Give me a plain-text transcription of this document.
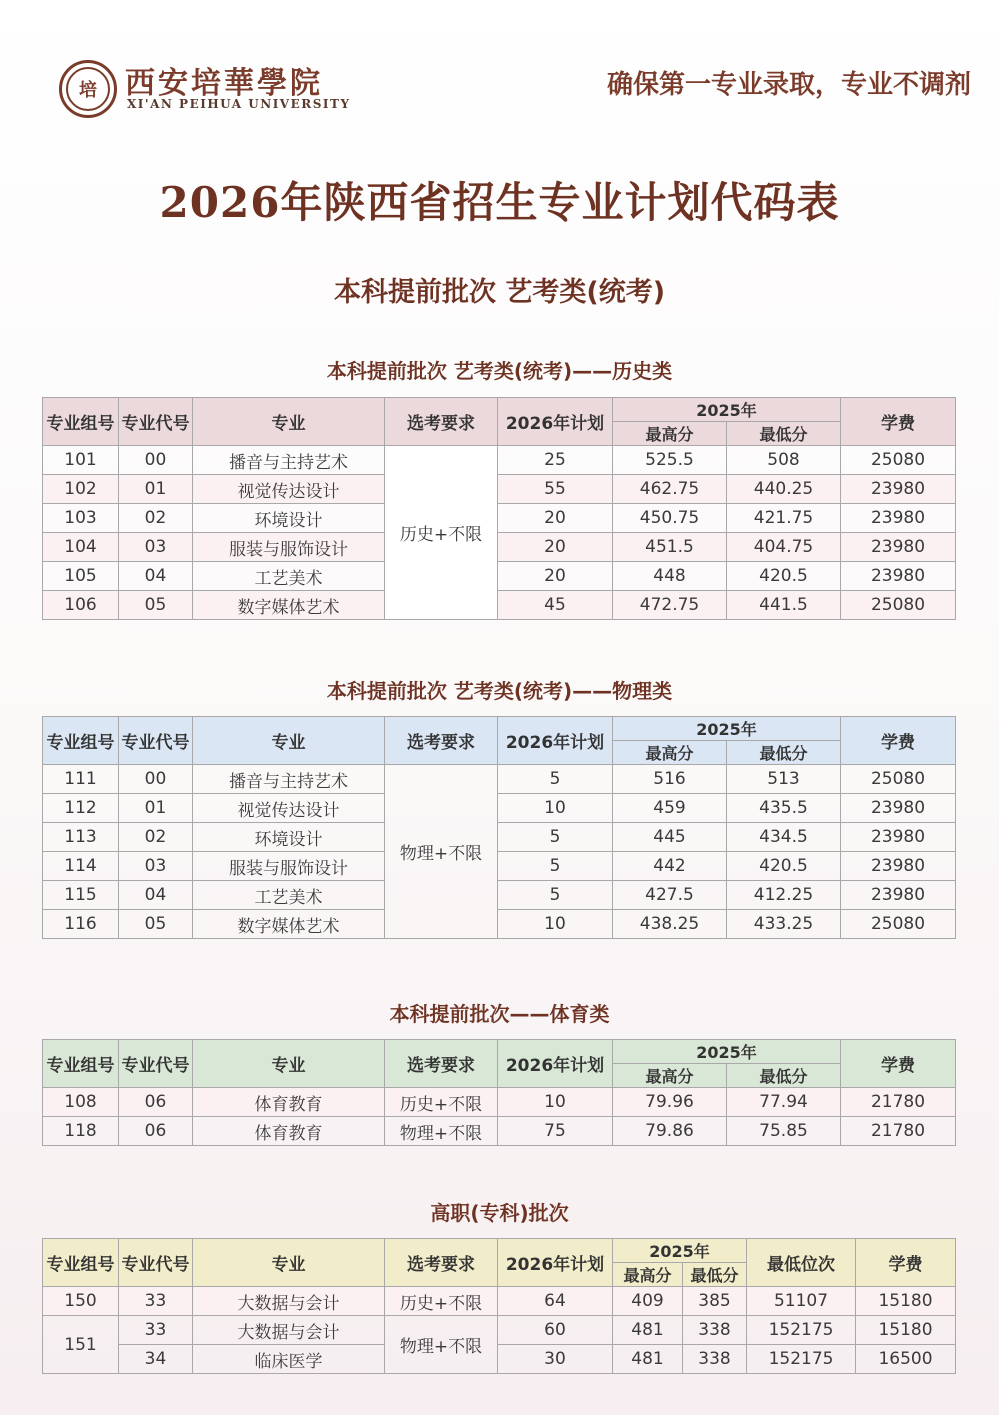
培 西安培華學院
XI'AN PEIHUA UNIVERSITY
确保第一专业录取，专业不调剂
2026年陕西省招生专业计划代码表
本科提前批次 艺考类(统考)
本科提前批次 艺考类(统考)——历史类
专业组号	专业代号	专业	选考要求	2026年计划	2025年		学费
					最高分	最低分	
101	00	播音与主持艺术	历史+不限	25	525.5	508	25080
102	01	视觉传达设计		55	462.75	440.25	23980
103	02	环境设计		20	450.75	421.75	23980
104	03	服装与服饰设计		20	451.5	404.75	23980
105	04	工艺美术		20	448	420.5	23980
106	05	数字媒体艺术		45	472.75	441.5	25080
本科提前批次 艺考类(统考)——物理类
专业组号	专业代号	专业	选考要求	2026年计划	2025年		学费
					最高分	最低分	
111	00	播音与主持艺术	物理+不限	5	516	513	25080
112	01	视觉传达设计		10	459	435.5	23980
113	02	环境设计		5	445	434.5	23980
114	03	服装与服饰设计		5	442	420.5	23980
115	04	工艺美术		5	427.5	412.25	23980
116	05	数字媒体艺术		10	438.25	433.25	25080
本科提前批次——体育类
专业组号	专业代号	专业	选考要求	2026年计划	2025年		学费
					最高分	最低分	
108	06	体育教育	历史+不限	10	79.96	77.94	21780
118	06	体育教育	物理+不限	75	79.86	75.85	21780
高职(专科)批次
专业组号	专业代号	专业	选考要求	2026年计划	2025年		最低位次	学费
					最高分	最低分		
150	33	大数据与会计	历史+不限	64	409	385	51107	15180
151	33	大数据与会计	物理+不限	60	481	338	152175	15180
	34	临床医学		30	481	338	152175	16500
